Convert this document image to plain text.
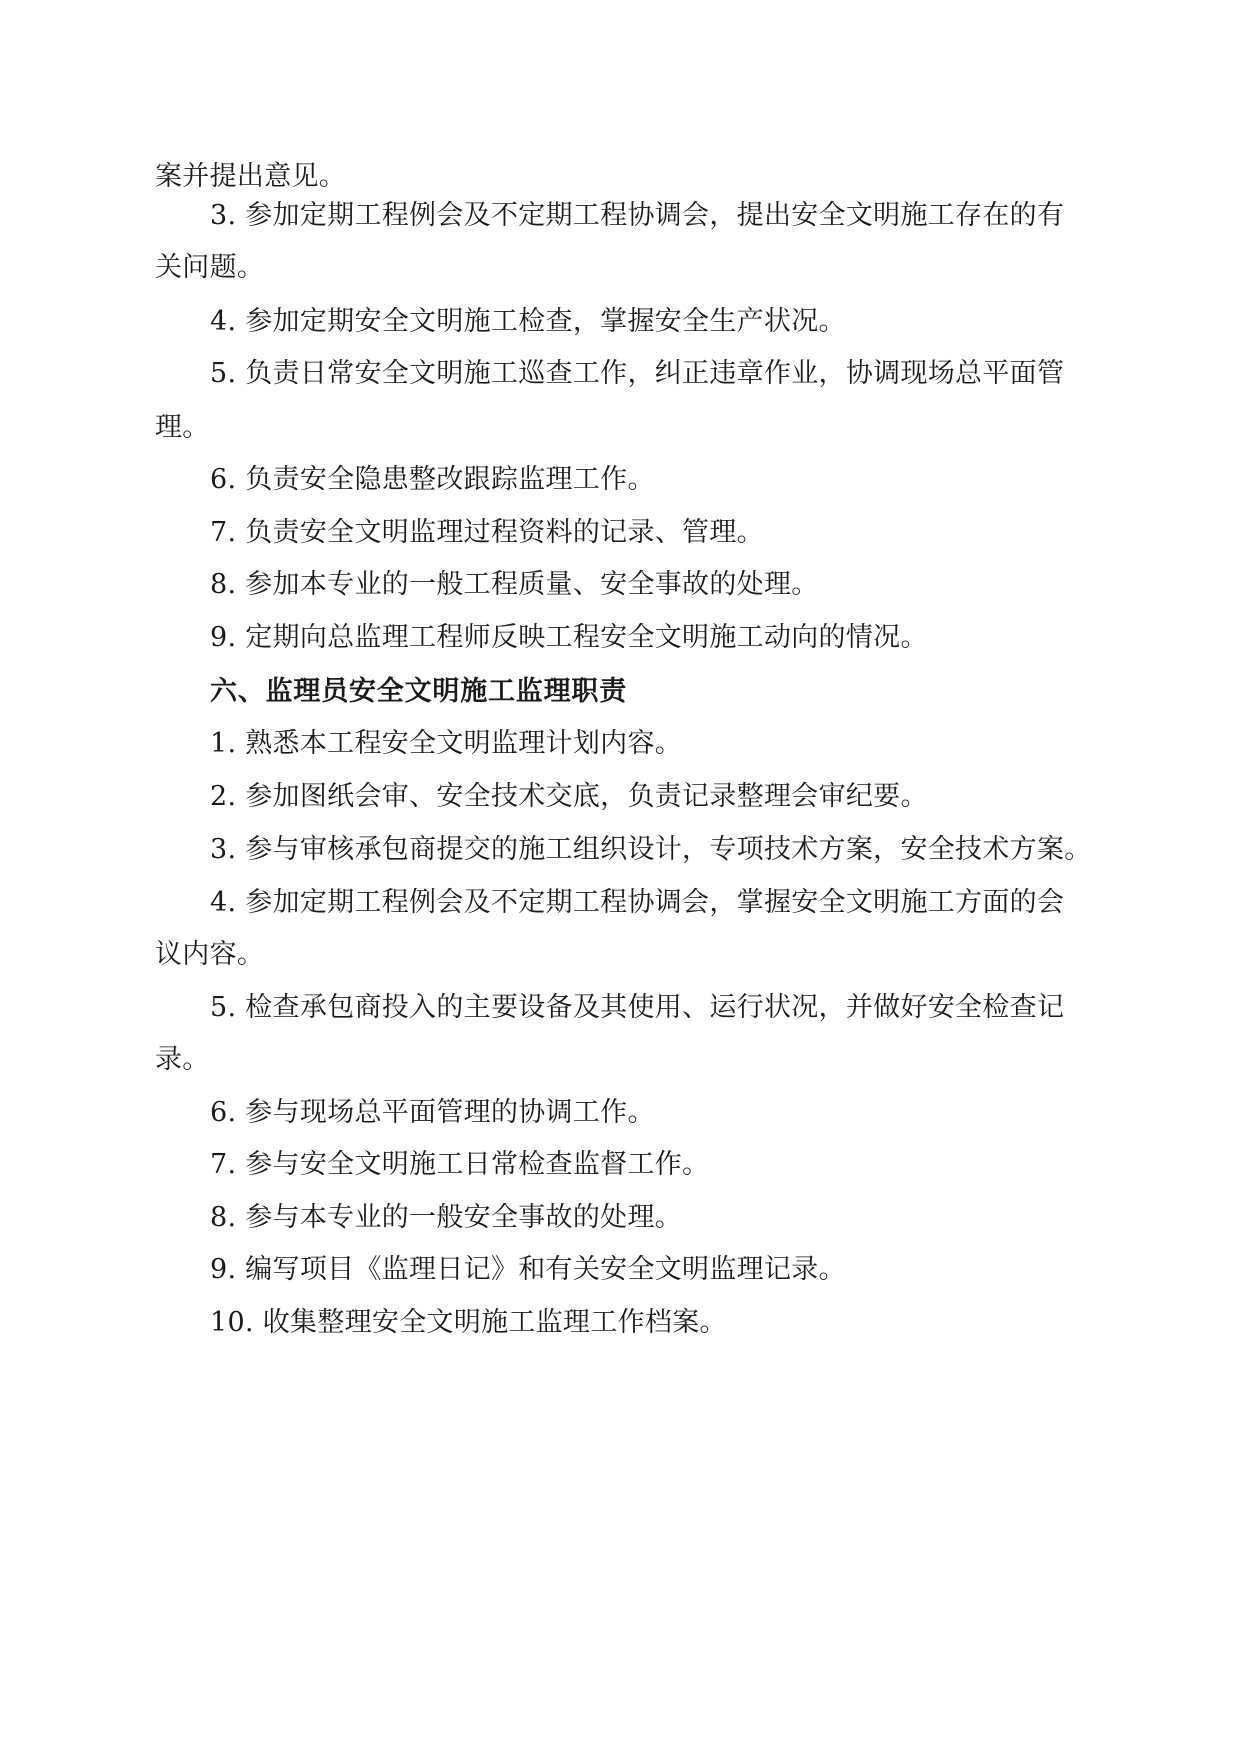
案并提出意见。
3. 参加定期工程例会及不定期工程协调会，提出安全文明施工存在的有
关问题。
4. 参加定期安全文明施工检查，掌握安全生产状况。
5. 负责日常安全文明施工巡查工作，纠正违章作业，协调现场总平面管
理。
6. 负责安全隐患整改跟踪监理工作。
7. 负责安全文明监理过程资料的记录、管理。
8. 参加本专业的一般工程质量、安全事故的处理。
9. 定期向总监理工程师反映工程安全文明施工动向的情况。
六、监理员安全文明施工监理职责
1. 熟悉本工程安全文明监理计划内容。
2. 参加图纸会审、安全技术交底，负责记录整理会审纪要。
3. 参与审核承包商提交的施工组织设计，专项技术方案，安全技术方案。
4. 参加定期工程例会及不定期工程协调会，掌握安全文明施工方面的会
议内容。
5. 检查承包商投入的主要设备及其使用、运行状况，并做好安全检查记
录。
6. 参与现场总平面管理的协调工作。
7. 参与安全文明施工日常检查监督工作。
8. 参与本专业的一般安全事故的处理。
9. 编写项目《监理日记》和有关安全文明监理记录。
10. 收集整理安全文明施工监理工作档案。
